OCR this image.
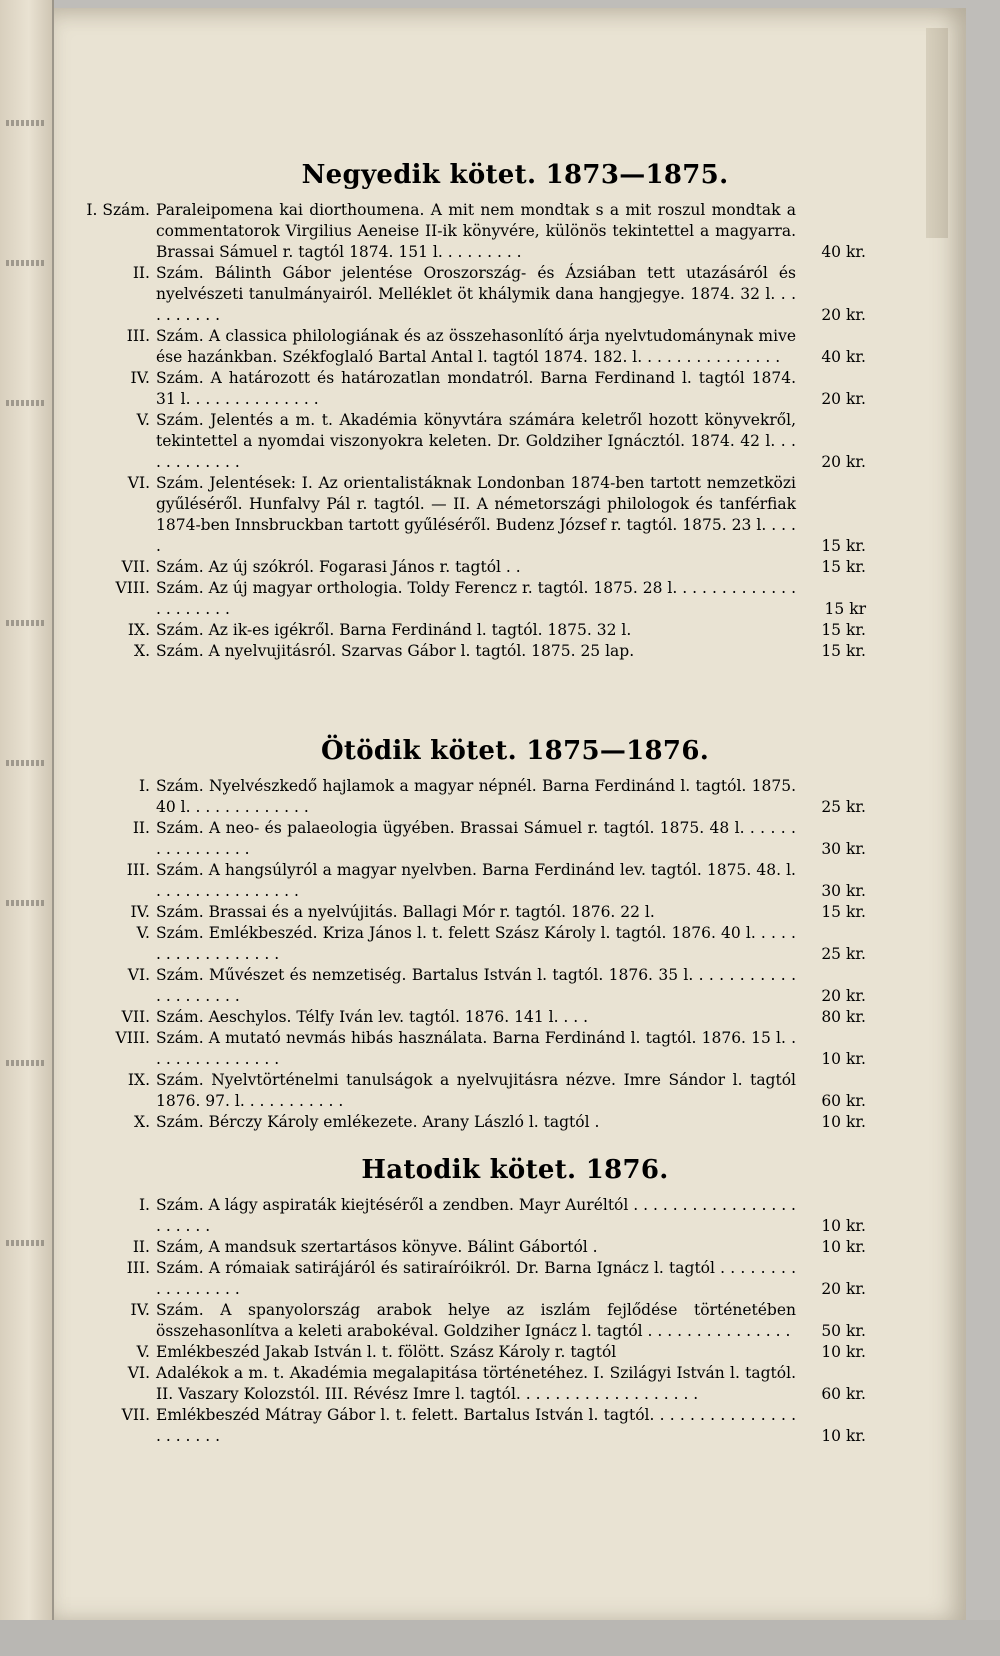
Negyedik kötet. 1873—1875.
I. Szám. Paraleipomena kai diorthoumena. A mit nem mondtak s a mit roszul mondtak a commentatorok Virgilius Aeneise II-ik könyvére, különös tekintettel a magyarra. Brassai Sámuel r. tagtól 1874. 151 l. . . . . . . . .	40 kr.
II. Szám. Bálinth Gábor jelentése Oroszország- és Ázsiában tett utazásáról és nyelvészeti tanulmányairól. Melléklet öt khálymik dana hangjegye. 1874. 32 l. . . . . . . . . .	20 kr.
III. Szám. A classica philologiának és az összehasonlító árja nyelvtudománynak mive ése hazánkban. Székfoglaló Bartal Antal l. tagtól 1874. 182. l. . . . . . . . . . . . . . .	40 kr.
IV. Szám. A határozott és határozatlan mondatról. Barna Ferdinand l. tagtól 1874. 31 l. . . . . . . . . . . . . .	20 kr.
V. Szám. Jelentés a m. t. Akadémia könyvtára számára keletről hozott könyvekről, tekintettel a nyomdai viszonyokra keleten. Dr. Goldziher Ignácztól. 1874. 42 l. . . . . . . . . . . .	20 kr.
VI. Szám. Jelentések: I. Az orientalistáknak Londonban 1874-ben tartott nemzetközi gyűléséről. Hunfalvy Pál r. tagtól. — II. A németországi philologok és tanférfiak 1874-ben Innsbruckban tartott gyűléséről. Budenz József r. tagtól. 1875. 23 l. . . . .	15 kr.
VII. Szám. Az új szókról. Fogarasi János r. tagtól . .	15 kr.
VIII. Szám. Az új magyar orthologia. Toldy Ferencz r. tagtól. 1875. 28 l. . . . . . . . . . . . . . . . . . . . .	15 kr
IX. Szám. Az ik-es igékről. Barna Ferdinánd l. tagtól. 1875. 32 l.	15 kr.
X. Szám. A nyelvujitásról. Szarvas Gábor l. tagtól. 1875. 25 lap.	15 kr.
Ötödik kötet. 1875—1876.
I. Szám. Nyelvészkedő hajlamok a magyar népnél. Barna Ferdinánd l. tagtól. 1875. 40 l. . . . . . . . . . . . .	25 kr.
II. Szám. A neo- és palaeologia ügyében. Brassai Sámuel r. tagtól. 1875. 48 l. . . . . . . . . . . . . . . .	30 kr.
III. Szám. A hangsúlyról a magyar nyelvben. Barna Ferdinánd lev. tagtól. 1875. 48. l. . . . . . . . . . . . . . . .	30 kr.
IV. Szám. Brassai és a nyelvújitás. Ballagi Mór r. tagtól. 1876. 22 l.	15 kr.
V. Szám. Emlékbeszéd. Kriza János l. t. felett Szász Károly l. tagtól. 1876. 40 l. . . . . . . . . . . . . . . . . .	25 kr.
VI. Szám. Művészet és nemzetiség. Bartalus István l. tagtól. 1876. 35 l. . . . . . . . . . . . . . . . . . . .	20 kr.
VII. Szám. Aeschylos. Télfy Iván lev. tagtól. 1876. 141 l. . . .	80 kr.
VIII. Szám. A mutató nevmás hibás használata. Barna Ferdinánd l. tagtól. 1876. 15 l. . . . . . . . . . . . . . .	10 kr.
IX. Szám. Nyelvtörténelmi tanulságok a nyelvujitásra nézve. Imre Sándor l. tagtól 1876. 97. l. . . . . . . . . . .	60 kr.
X. Szám. Bérczy Károly emlékezete. Arany László l. tagtól .	10 kr.
Hatodik kötet. 1876.
I. Szám. A lágy aspiraták kiejtéséről a zendben. Mayr Auréltól . . . . . . . . . . . . . . . . . . . . . . .	10 kr.
II. Szám, A mandsuk szertartásos könyve. Bálint Gábortól .	10 kr.
III. Szám. A rómaiak satirájáról és satiraíróikról. Dr. Barna Ignácz l. tagtól . . . . . . . . . . . . . . . . .	20 kr.
IV. Szám. A spanyolország arabok helye az iszlám fejlődése történetében összehasonlítva a keleti arabokéval. Goldziher Ignácz l. tagtól . . . . . . . . . . . . . . .	50 kr.
V. Emlékbeszéd Jakab István l. t. fölött. Szász Károly r. tagtól	10 kr.
VI. Adalékok a m. t. Akadémia megalapitása történetéhez. I. Szilágyi István l. tagtól. II. Vaszary Kolozstól. III. Révész Imre l. tagtól. . . . . . . . . . . . . . . . . . .	60 kr.
VII. Emlékbeszéd Mátray Gábor l. t. felett. Bartalus István l. tagtól. . . . . . . . . . . . . . . . . . . . . .	10 kr.
